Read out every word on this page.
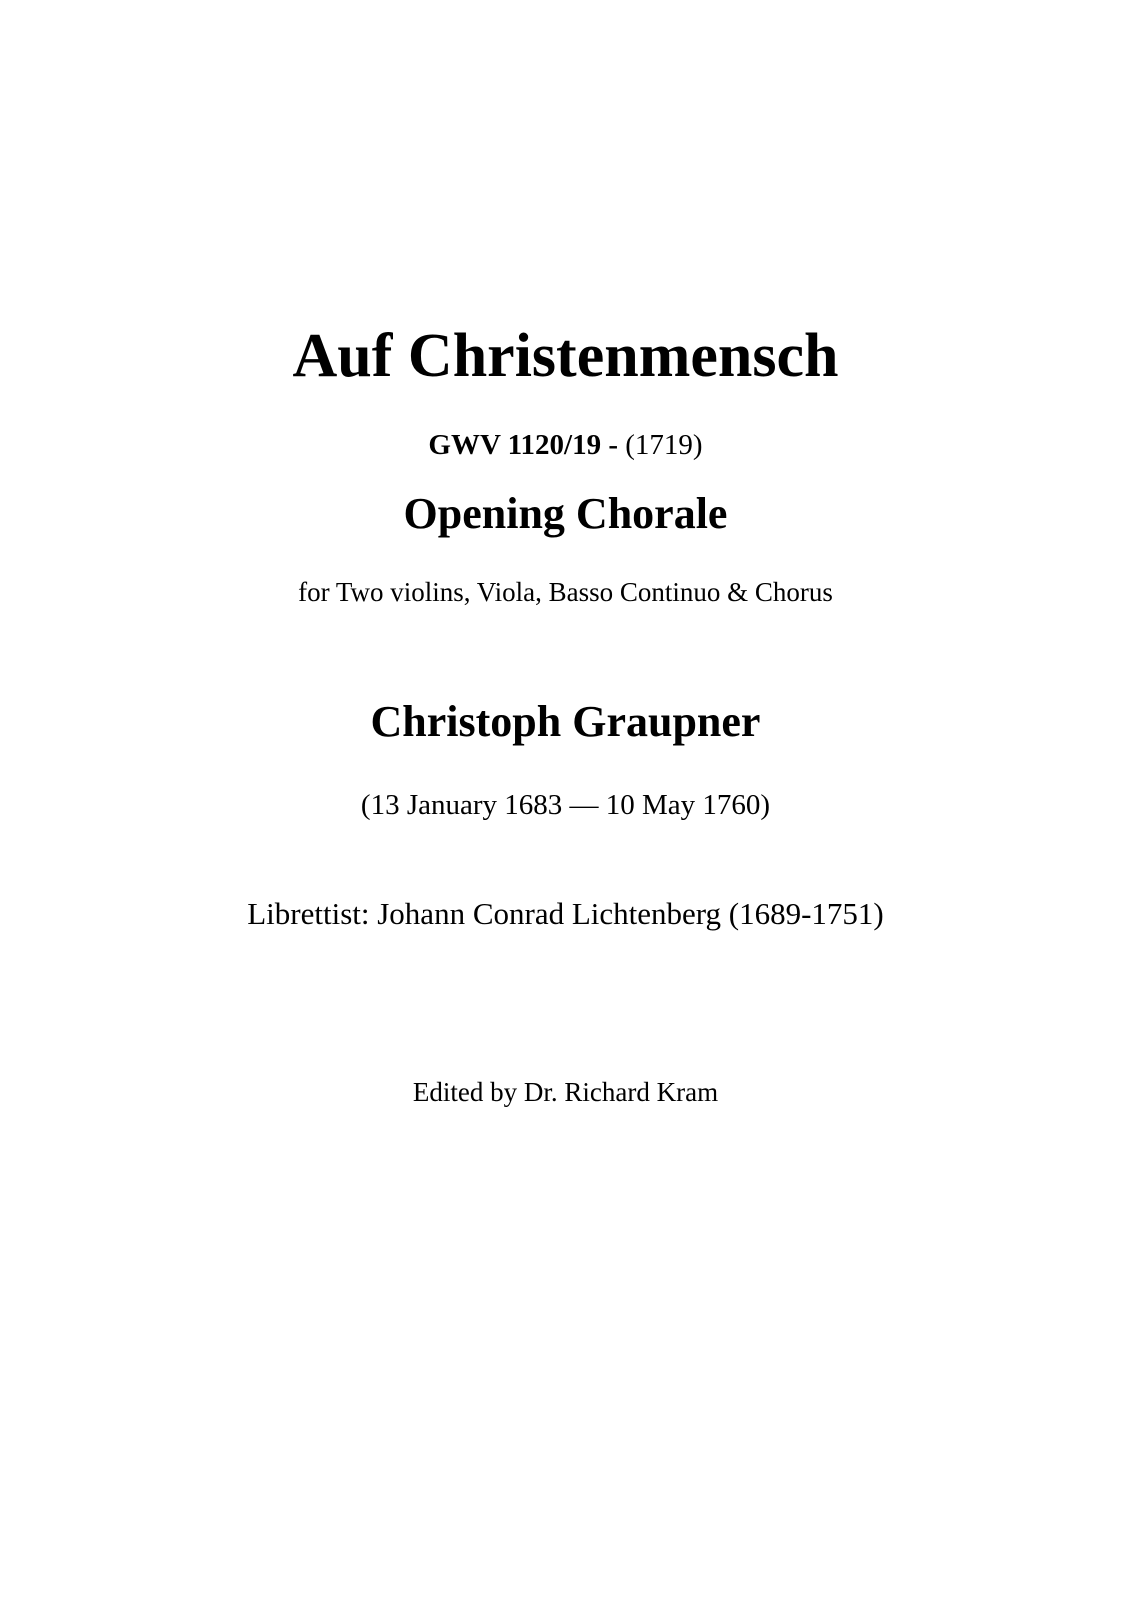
Auf Christenmensch

GWV 1120/19 - (1719)

Opening Chorale

for Two violins, Viola, Basso Continuo & Chorus

Christoph Graupner

(13 January 1683 — 10 May 1760)

Librettist: Johann Conrad Lichtenberg (1689-1751)

Edited by Dr. Richard Kram
